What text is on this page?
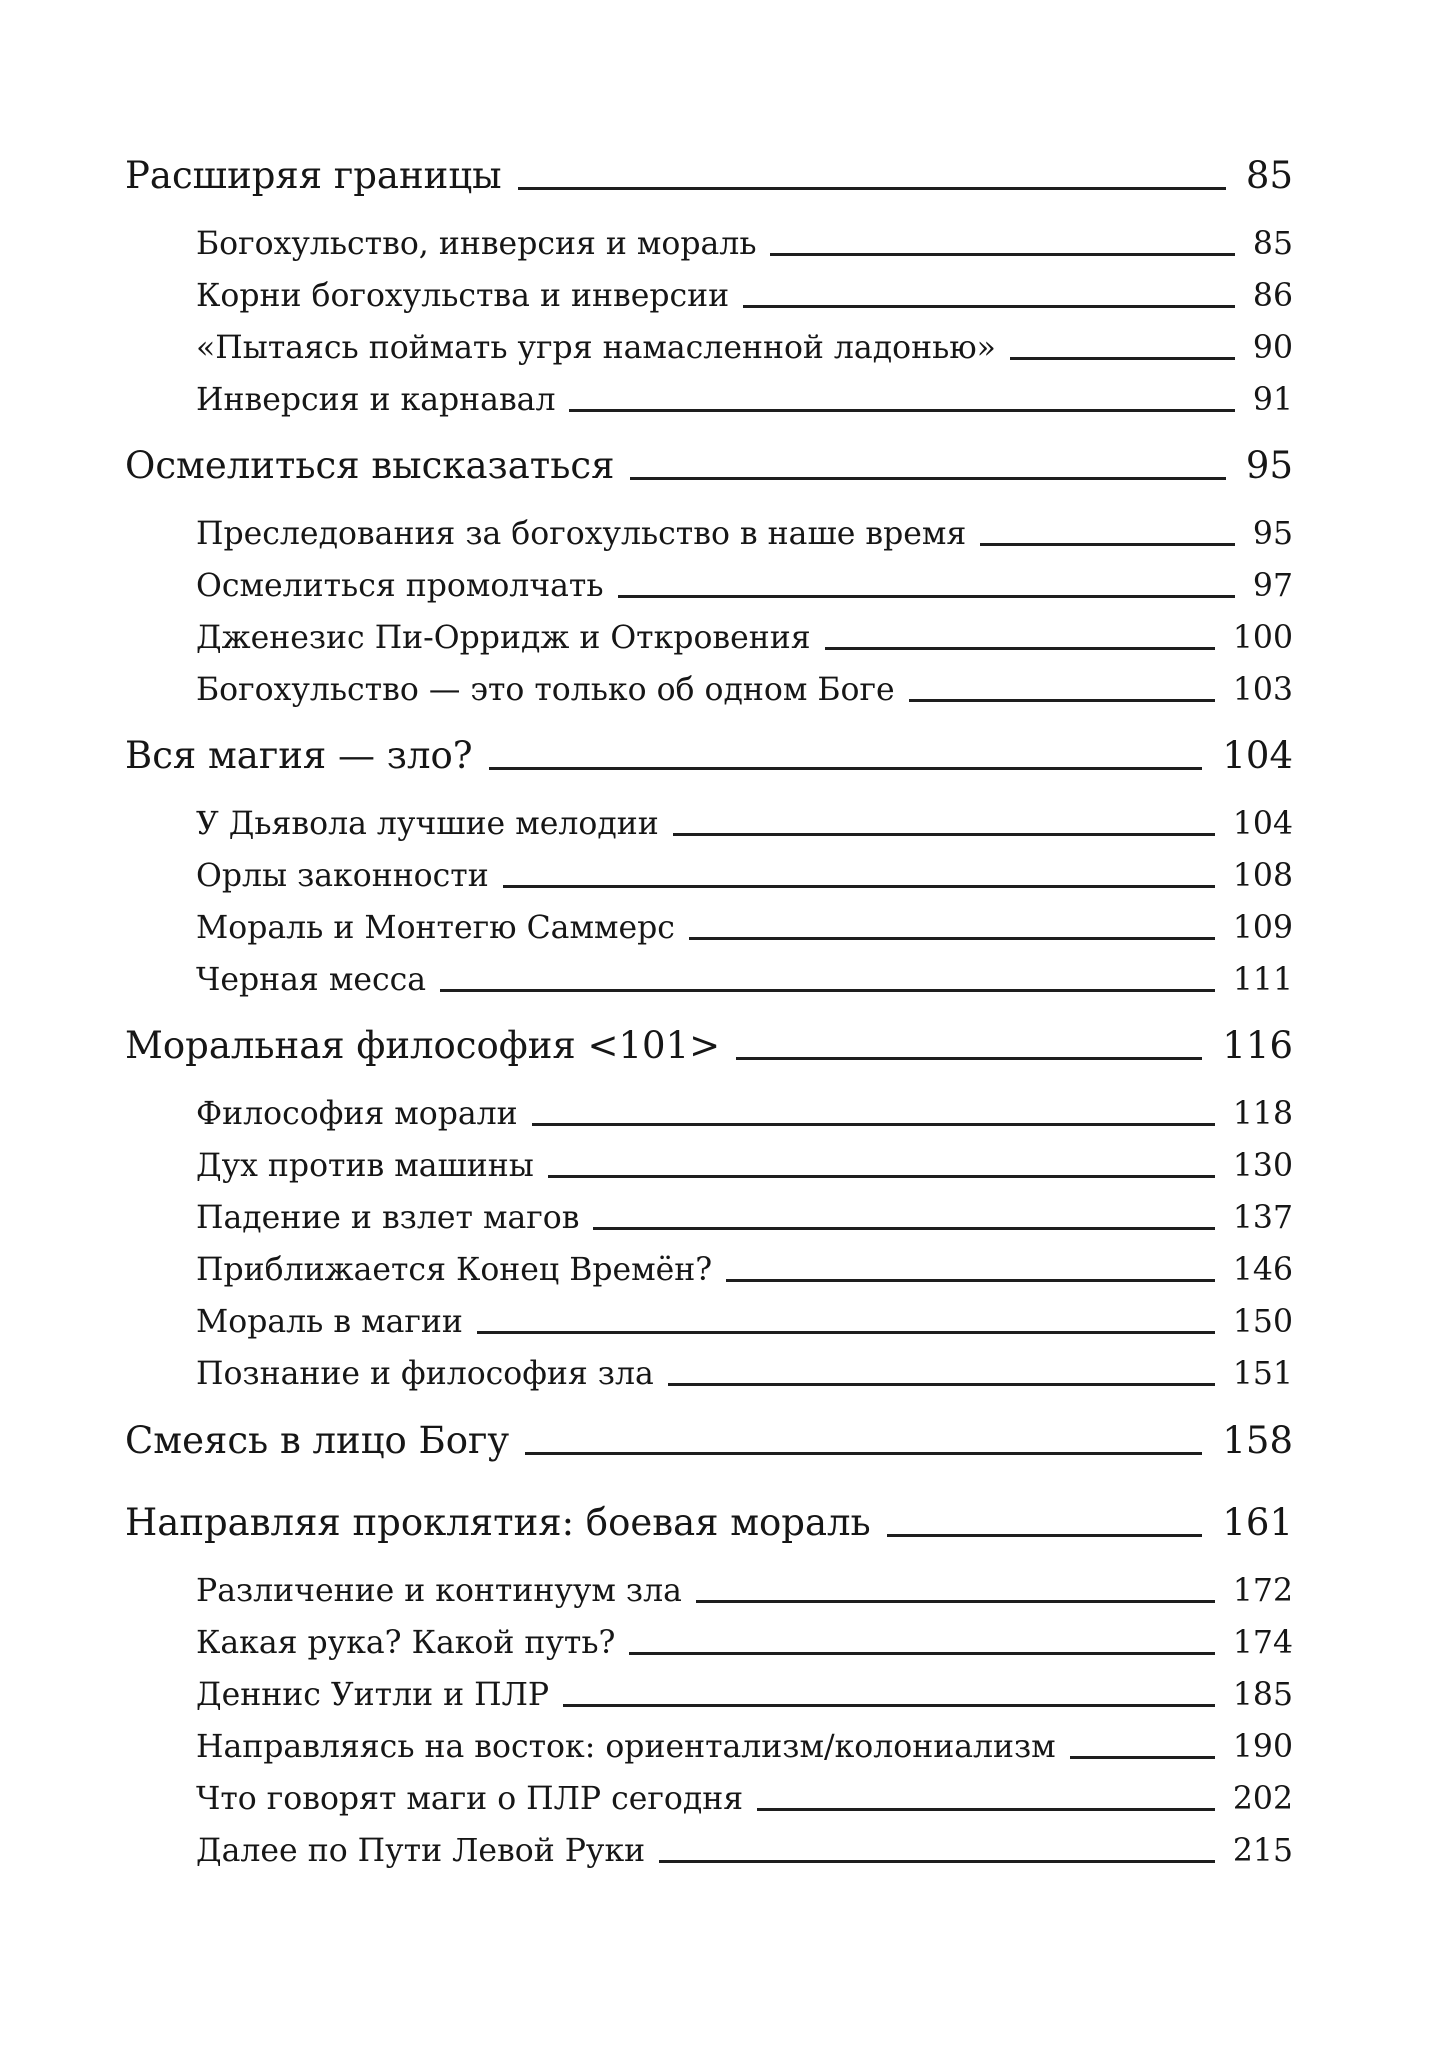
Расширяя границы	85
Богохульство, инверсия и мораль	85
Корни богохульства и инверсии	86
«Пытаясь поймать угря намасленной ладонью»	90
Инверсия и карнавал	91
Осмелиться высказаться	95
Преследования за богохульство в наше время	95
Осмелиться промолчать	97
Дженезис Пи-Орридж и Откровения	100
Богохульство — это только об одном Боге	103
Вся магия — зло?	104
У Дьявола лучшие мелодии	104
Орлы законности	108
Мораль и Монтегю Саммерс	109
Черная месса	111
Моральная философия <101>	116
Философия морали	118
Дух против машины	130
Падение и взлет магов	137
Приближается Конец Времён?	146
Мораль в магии	150
Познание и философия зла	151
Смеясь в лицо Богу	158
Направляя проклятия: боевая мораль	161
Различение и континуум зла	172
Какая рука? Какой путь?	174
Деннис Уитли и ПЛР	185
Направляясь на восток: ориентализм/колониализм	190
Что говорят маги о ПЛР сегодня	202
Далее по Пути Левой Руки	215
